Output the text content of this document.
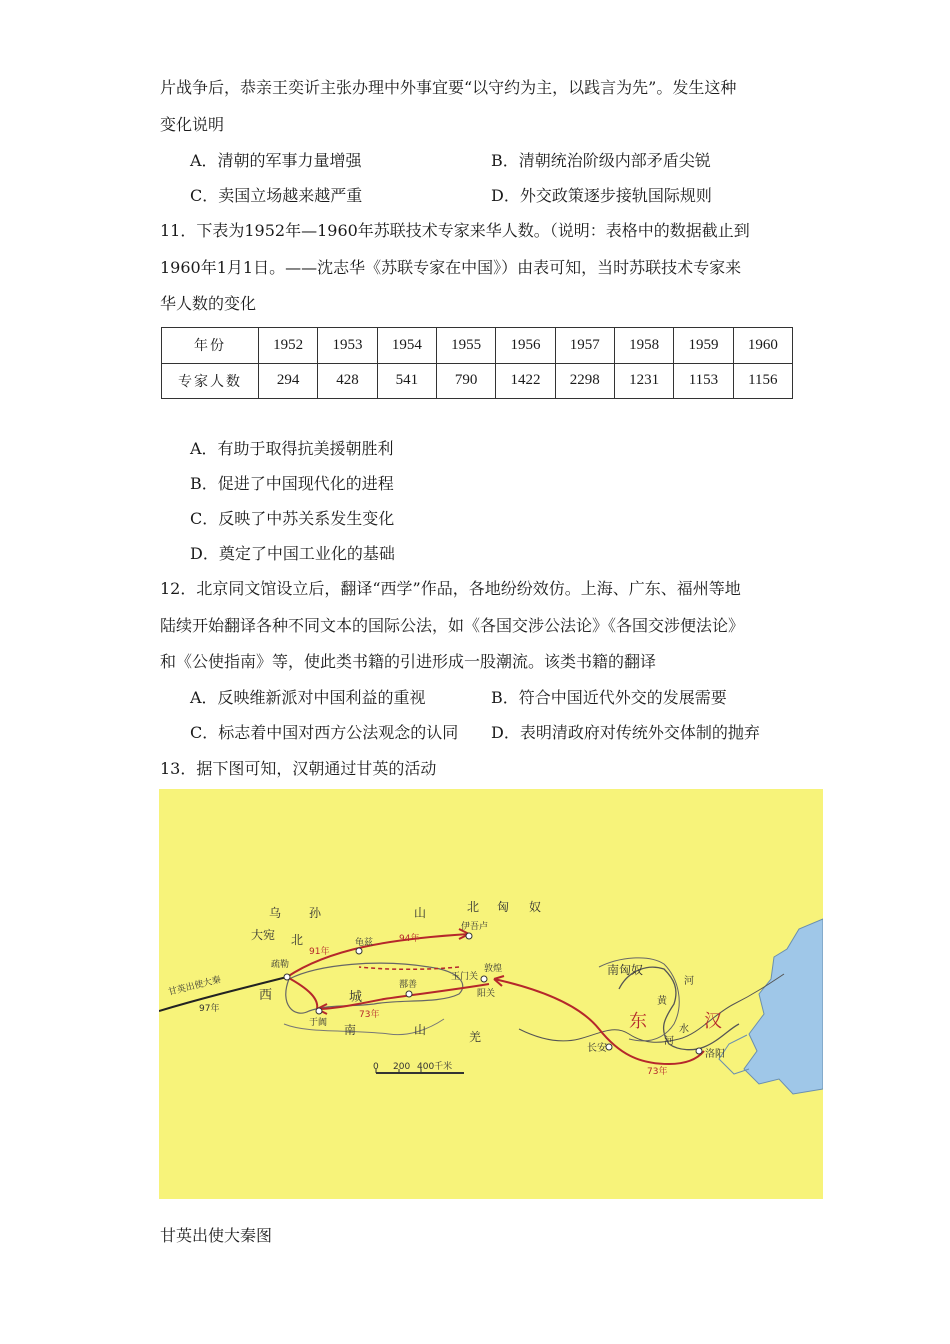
片战争后，恭亲王奕䜣主张办理中外事宜要“以守约为主，以践言为先”。发生这种
变化说明
A．清朝的军事力量增强	B．清朝统治阶级内部矛盾尖锐
C．卖国立场越来越严重	D．外交政策逐步接轨国际规则
11．下表为1952年—1960年苏联技术专家来华人数。（说明：表格中的数据截止到
1960年1月1日。——沈志华《苏联专家在中国》）由表可知，当时苏联技术专家来
华人数的变化
年份	1952	1953	1954	1955	1956	1957	1958	1959	1960
专家人数	294	428	541	790	1422	2298	1231	1153	1156
A．有助于取得抗美援朝胜利
B．促进了中国现代化的进程
C．反映了中苏关系发生变化
D．奠定了中国工业化的基础
12．北京同文馆设立后，翻译“西学”作品，各地纷纷效仿。上海、广东、福州等地
陆续开始翻译各种不同文本的国际公法，如《各国交涉公法论》《各国交涉便法论》
和《公使指南》等，使此类书籍的引进形成一股潮流。该类书籍的翻译
A．反映维新派对中国利益的重视	B．符合中国近代外交的发展需要
C．标志着中国对西方公法观念的认同 D．表明清政府对传统外交体制的抛弃
13．据下图可知，汉朝通过甘英的活动
乌 孙	山	北 匈 奴
大宛 北
西	城
南	山	羌
疏勒
龟兹
伊吾卢
玉门关
敦煌
阳关
于阗
鄯善
南匈奴
东	汉
黄
河
水
河
洛阳
长安
甘英出使大秦
97年
91年
94年
73年
73年
0 200 400千米
甘英出使大秦图
